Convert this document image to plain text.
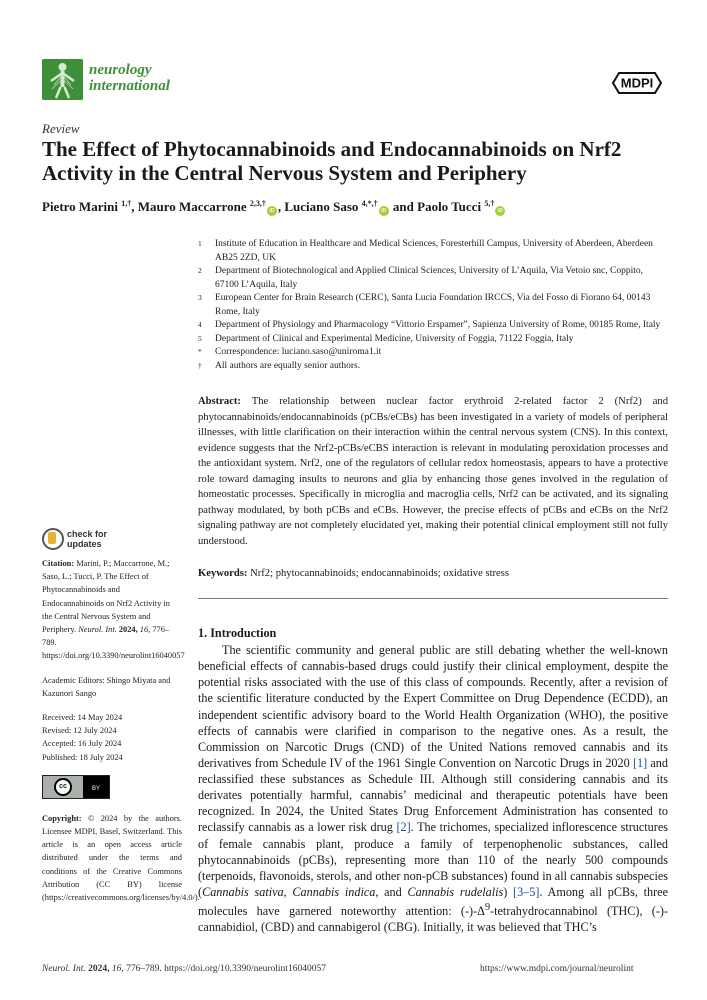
neurology
international	MDPI
Review
The Effect of Phytocannabinoids and Endocannabinoids on Nrf2 Activity in the Central Nervous System and Periphery
Pietro Marini $^{1,\dagger}$, Mauro Maccarrone $^{2,3,\dagger}$iD , Luciano Saso $^{4,*,\dagger}$iD and Paolo Tucci $^{5,\dagger}$iD
1 Institute of Education in Healthcare and Medical Sciences, Foresterhill Campus, University of Aberdeen, Aberdeen AB25 2ZD, UK
2 Department of Biotechnological and Applied Clinical Sciences, University of L’Aquila, Via Vetoio snc, Coppito, 67100 L’Aquila, Italy
3 European Center for Brain Research (CERC), Santa Lucia Foundation IRCCS, Via del Fosso di Fiorano 64, 00143 Rome, Italy
4 Department of Physiology and Pharmacology “Vittorio Erspamer”, Sapienza University of Rome, 00185 Rome, Italy
5 Department of Clinical and Experimental Medicine, University of Foggia, 71122 Foggia, Italy
* Correspondence: luciano.saso@uniroma1.it
† All authors are equally senior authors.
Abstract: The relationship between nuclear factor erythroid 2-related factor 2 (Nrf2) and phytocannabinoids/endocannabinoids (pCBs/eCBs) has been investigated in a variety of models of peripheral illnesses, with little clarification on their interaction within the central nervous system (CNS). In this context, evidence suggests that the Nrf2-pCBs/eCBS interaction is relevant in modulating peroxidation processes and the antioxidant system. Nrf2, one of the regulators of cellular redox homeostasis, appears to have a protective role toward damaging insults to neurons and glia by enhancing those genes involved in the regulation of homeostatic processes. Specifically in microglia and macroglia cells, Nrf2 can be activated, and its signaling pathway modulated, by both pCBs and eCBs. However, the precise effects of pCBs and eCBs on the Nrf2 signaling pathway are not completely elucidated yet, making their potential clinical employment still not fully understood.
Keywords: Nrf2; phytocannabinoids; endocannabinoids; oxidative stress
check for
updates

Citation: Marini, P.; Maccarrone, M.; Saso, L.; Tucci, P. The Effect of Phytocannabinoids and Endocannabinoids on Nrf2 Activity in the Central Nervous System and Periphery. Neurol. Int. 2024, 16, 776–789. https://doi.org/10.3390/neurolint16040057

Academic Editors: Shingo Miyata and Kazunori Sango

Received: 14 May 2024

Revised: 12 July 2024

Accepted: 16 July 2024

Published: 18 July 2024

cc	BY

Copyright: © 2024 by the authors. Licensee MDPI, Basel, Switzerland. This article is an open access article distributed under the terms and conditions of the Creative Commons Attribution (CC BY) license (https://creativecommons.org/licenses/by/4.0/).

1. Introduction
The scientific community and general public are still debating whether the well-known beneficial effects of cannabis-based drugs could justify their clinical employment, despite the potential risks associated with the use of this class of compounds. Recently, after a revision of the scientific literature conducted by the Expert Committee on Drug Dependence (ECDD), an independent scientific advisory board to the World Health Organization (WHO), the positive effects of cannabis were clarified in comparison to the negative ones. As a result, the Commission on Narcotic Drugs (CND) of the United Nations removed cannabis and its derivatives from Schedule IV of the 1961 Single Convention on Narcotic Drugs in 2020 [1] and reclassified these substances as Schedule III. Although still considering cannabis and its derivates potentially harmful, cannabis’ medicinal and therapeutic potentials have been recognized. In 2024, the United States Drug Enforcement Administration has consented to reclassify cannabis as a lower risk drug [2]. The trichomes, specialized inflorescence structures of female cannabis plant, produce a family of terpenophenolic substances, called phytocannabinoids (pCBs), representing more than 110 of the nearly 500 compounds (terpenoids, flavonoids, sterols, and other non-pCB substances) found in all cannabis subspecies (Cannabis sativa, Cannabis indica, and Cannabis rudelalis) [3–5]. Among all pCBs, three molecules have garnered noteworthy attention: $(-)-\Delta^9$-tetrahydrocannabinol (THC), (-)-cannabidiol, (CBD) and cannabigerol (CBG). Initially, it was believed that THC’s
Neurol. Int. 2024, 16, 776–789. https://doi.org/10.3390/neurolint16040057	https://www.mdpi.com/journal/neurolint
